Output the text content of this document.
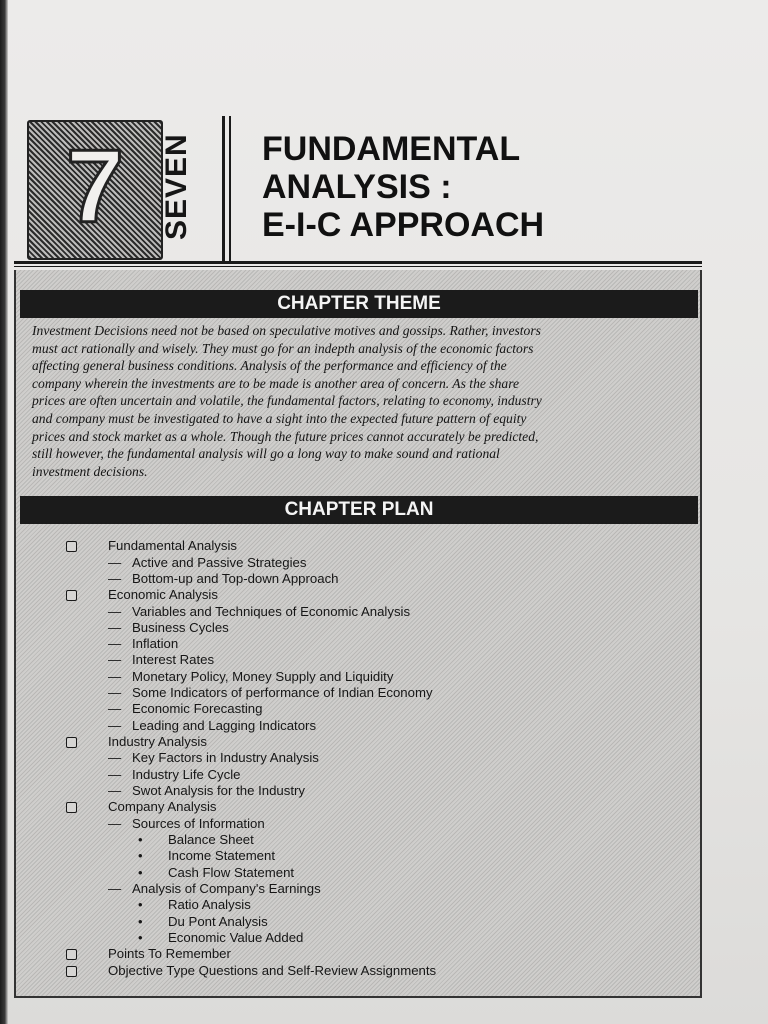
7	SEVEN	FUNDAMENTAL
ANALYSIS :
E-I-C APPROACH
CHAPTER THEME
Investment Decisions need not be based on speculative motives and gossips. Rather, investors
must act rationally and wisely. They must go for an indepth analysis of the economic factors
affecting general business conditions. Analysis of the performance and efficiency of the
company wherein the investments are to be made is another area of concern. As the share
prices are often uncertain and volatile, the fundamental factors, relating to economy, industry
and company must be investigated to have a sight into the expected future pattern of equity
prices and stock market as a whole. Though the future prices cannot accurately be predicted,
still however, the fundamental analysis will go a long way to make sound and rational
investment decisions.
CHAPTER PLAN
Fundamental Analysis
— Active and Passive Strategies
— Bottom-up and Top-down Approach
Economic Analysis
— Variables and Techniques of Economic Analysis
— Business Cycles
— Inflation
— Interest Rates
— Monetary Policy, Money Supply and Liquidity
— Some Indicators of performance of Indian Economy
— Economic Forecasting
— Leading and Lagging Indicators
Industry Analysis
— Key Factors in Industry Analysis
— Industry Life Cycle
— Swot Analysis for the Industry
Company Analysis
— Sources of Information
• Balance Sheet
• Income Statement
• Cash Flow Statement
— Analysis of Company's Earnings
• Ratio Analysis
• Du Pont Analysis
• Economic Value Added
Points To Remember
Objective Type Questions and Self-Review Assignments
